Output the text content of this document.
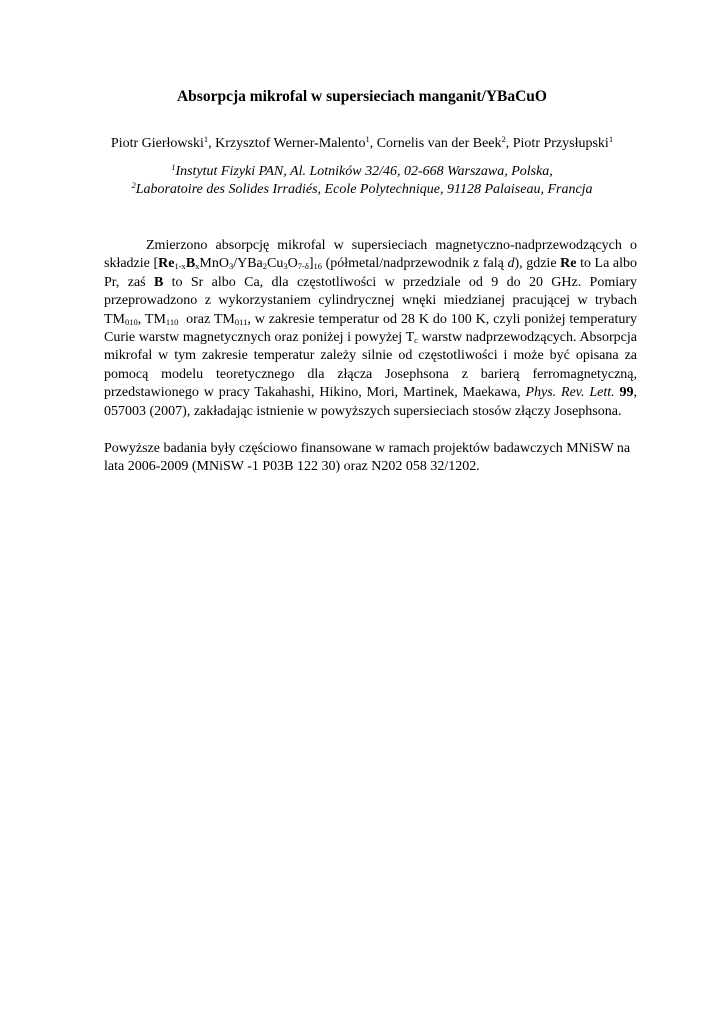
Absorpcja mikrofal w supersieciach manganit/YBaCuO
Piotr Gierłowski$^1$, Krzysztof Werner-Malento$^1$, Cornelis van der Beek$^2$, Piotr Przysłupski$^1$
$^1$Instytut Fizyki PAN, Al. Lotników 32/46, 02-668 Warszawa, Polska,
$^2$Laboratoire des Solides Irradiés, Ecole Polytechnique, 91128 Palaiseau, Francja

Zmierzono absorpcję mikrofal w supersieciach magnetyczno-nadprzewodzących o składzie $[Re_{1-x}B_xMnO_3/YBa_2Cu_3O_{7-\delta}]_{16}$ (półmetal/nadprzewodnik z falą d), gdzie Re to La albo Pr, zaś B to Sr albo Ca, dla częstotliwości w przedziale od 9 do 20 GHz. Pomiary przeprowadzono z wykorzystaniem cylindrycznej wnęki miedzianej pracującej w trybach $TM_{010}$, $TM_{110}$  oraz $TM_{011}$, w zakresie temperatur od 28 K do 100 K, czyli poniżej temperatury Curie warstw magnetycznych oraz poniżej i powyżej $T_c$ warstw nadprzewodzących. Absorpcja mikrofal w tym zakresie temperatur zależy silnie od częstotliwości i może być opisana za pomocą modelu teoretycznego dla złącza Josephsona z barierą ferromagnetyczną, przedstawionego w pracy Takahashi, Hikino, Mori, Martinek, Maekawa, Phys. Rev. Lett. 99, 057003 (2007), zakładając istnienie w powyższych supersieciach stosów złączy Josephsona.

Powyższe badania były częściowo finansowane w ramach projektów badawczych MNiSW na lata 2006-2009 (MNiSW -1 P03B 122 30) oraz N202 058 32/1202.
